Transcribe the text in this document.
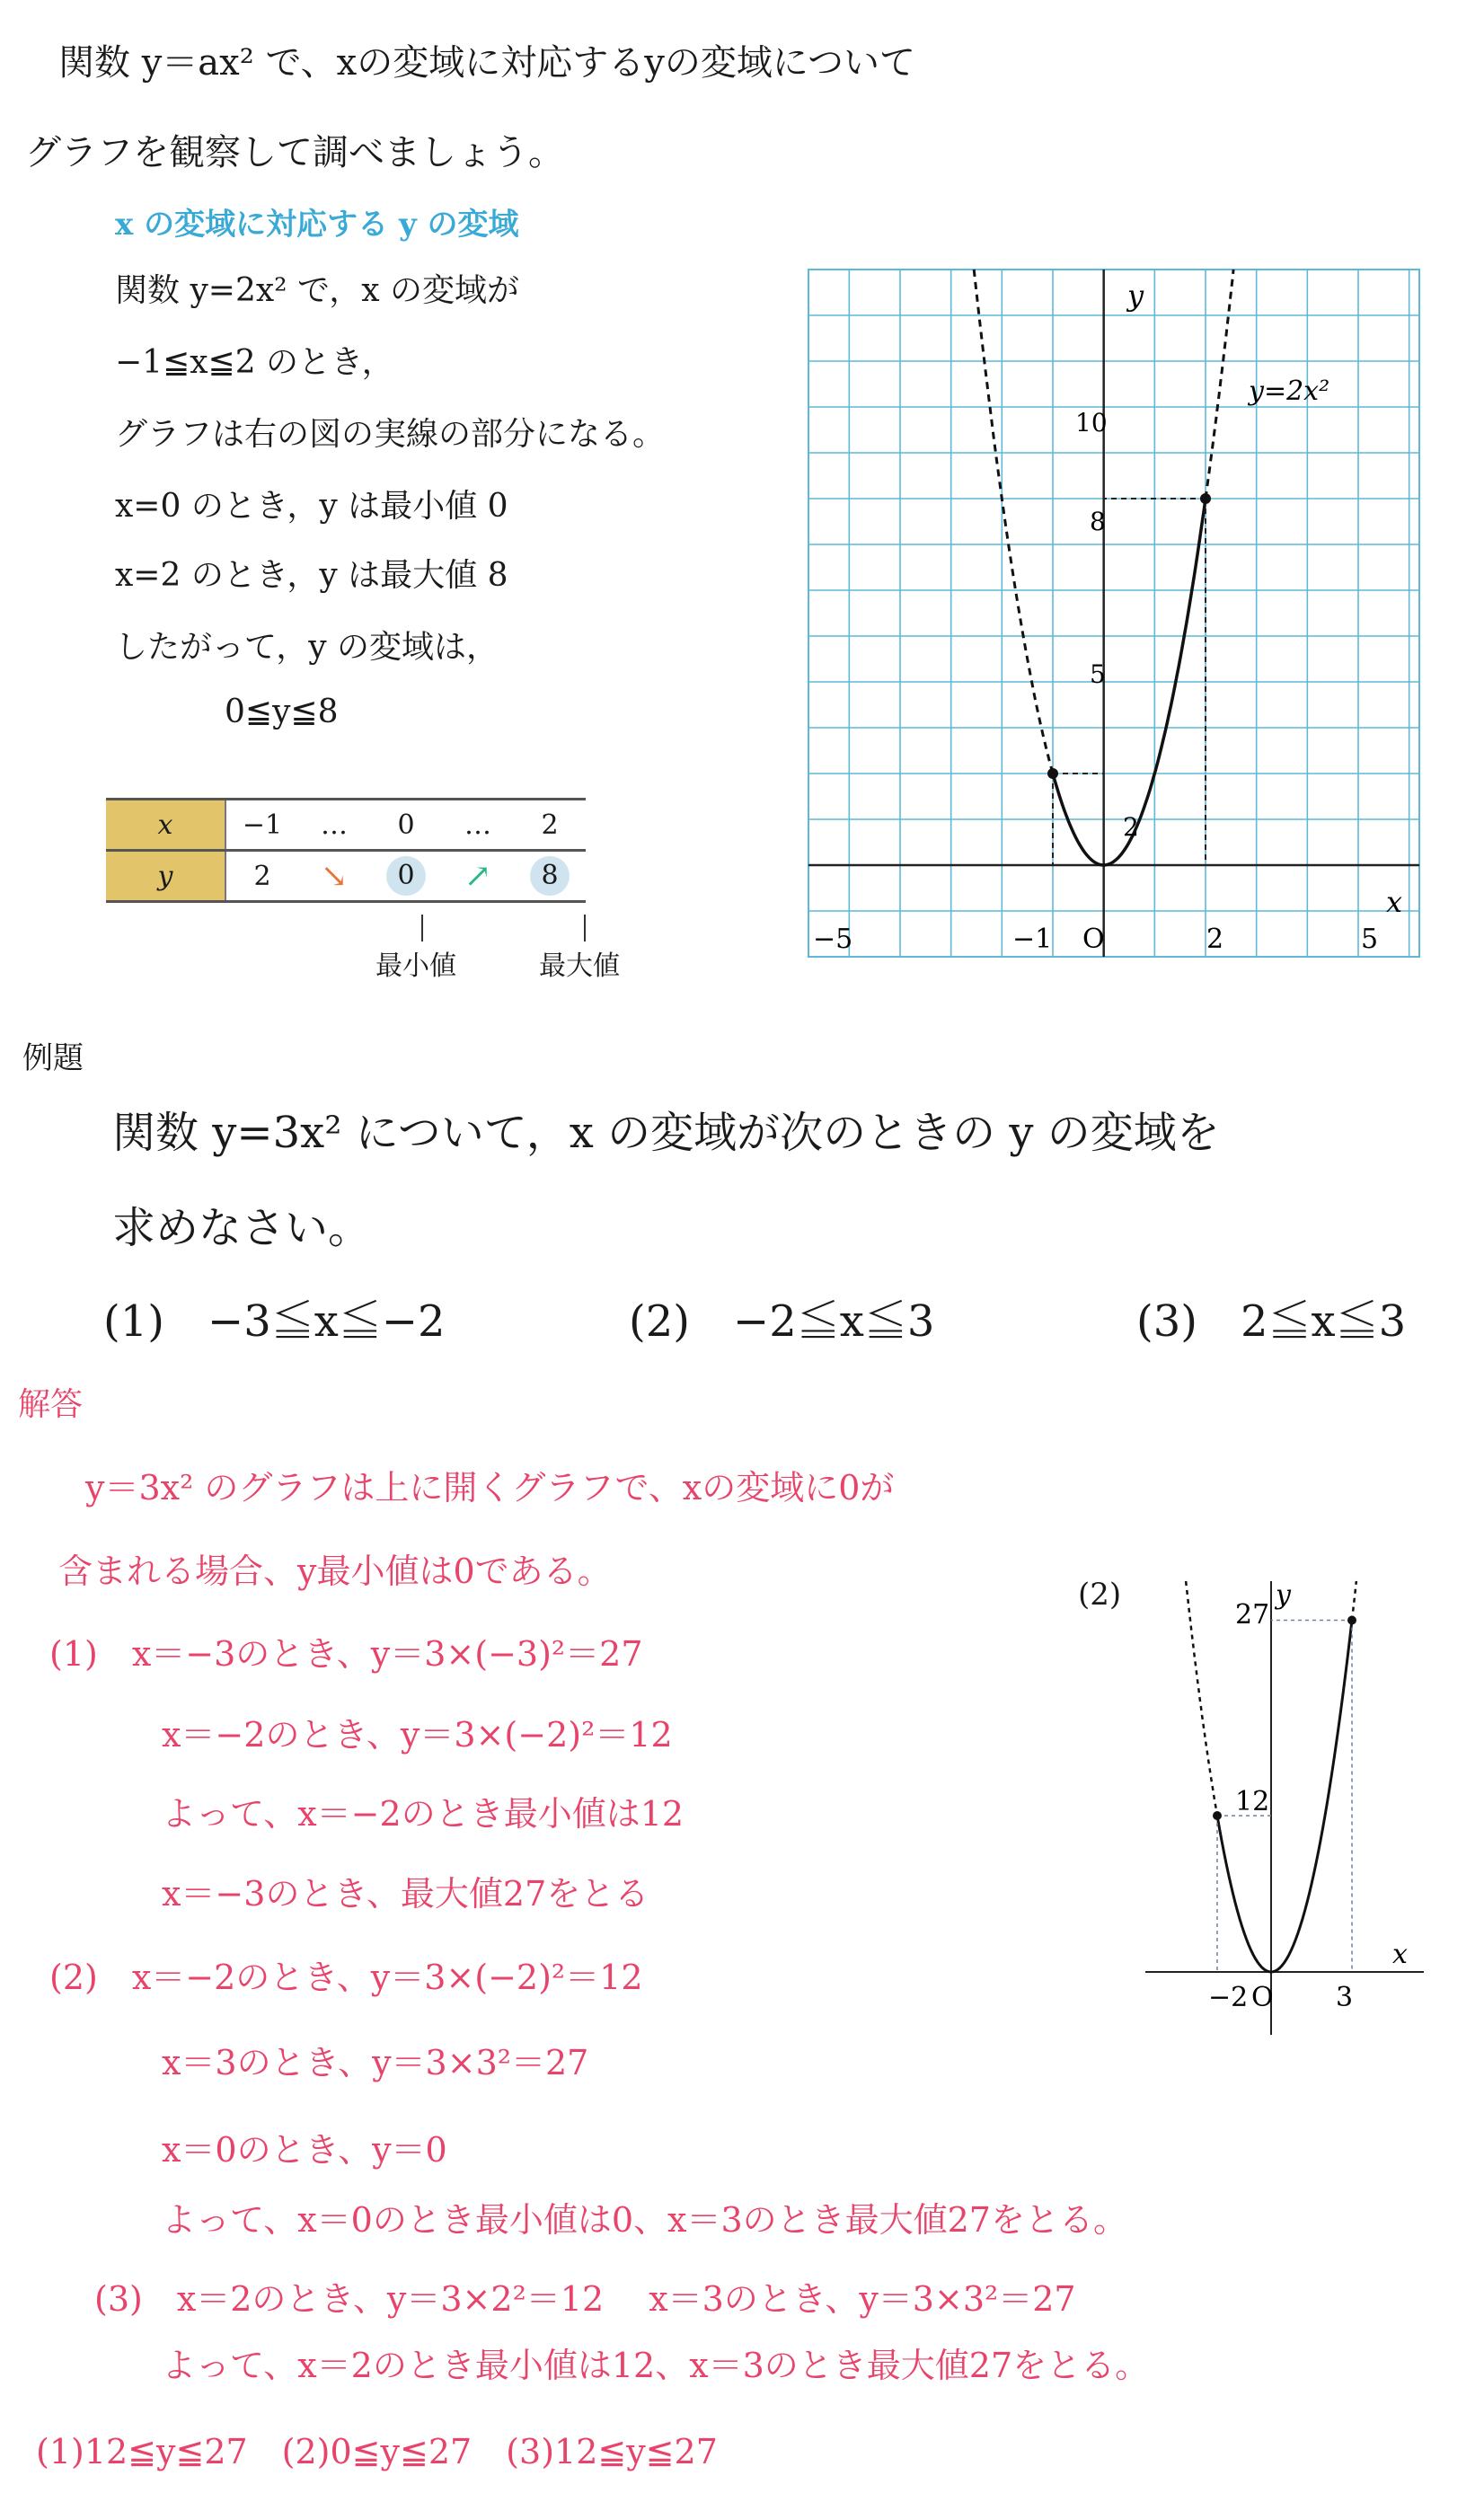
関数 y＝ax² で、xの変域に対応するyの変域について
グラフを観察して調べましょう。
x の変域に対応する y の変域
関数 y=2x² で，x の変域が
−1≦x≦2 のとき，
グラフは右の図の実線の部分になる。
x=0 のとき，y は最小値 0
x=2 のとき，y は最大値 8
したがって，y の変域は，
0≦y≦8
x	−1	…	0	…	2
y	2	↘	0	↗	8
最小値	最大値
−5	−1 O	2	5
10
8
5
2
x
y
y=2x²
例題
関数 y=3x² について，x の変域が次のときの y の変域を
求めなさい。
(1)　−3≦x≦−2	(2)　−2≦x≦3	(3)　2≦x≦3
解答
y＝3x² のグラフは上に開くグラフで、xの変域に0が
含まれる場合、y最小値は0である。
(1)　x＝−3のとき、y＝3×(−3)²＝27
x＝−2のとき、y＝3×(−2)²＝12
よって、x＝−2のとき最小値は12
x＝−3のとき、最大値27をとる
(2)　x＝−2のとき、y＝3×(−2)²＝12
x＝3のとき、y＝3×3²＝27
x＝0のとき、y＝0
よって、x＝0のとき最小値は0、x＝3のとき最大値27をとる。
(3)　x＝2のとき、y＝3×2²＝12　 x＝3のとき、y＝3×3²＝27
よって、x＝2のとき最小値は12、x＝3のとき最大値27をとる。
(1)12≦y≦27　(2)0≦y≦27　(3)12≦y≦27
(2)
27
12
−2 O 3
x
y
